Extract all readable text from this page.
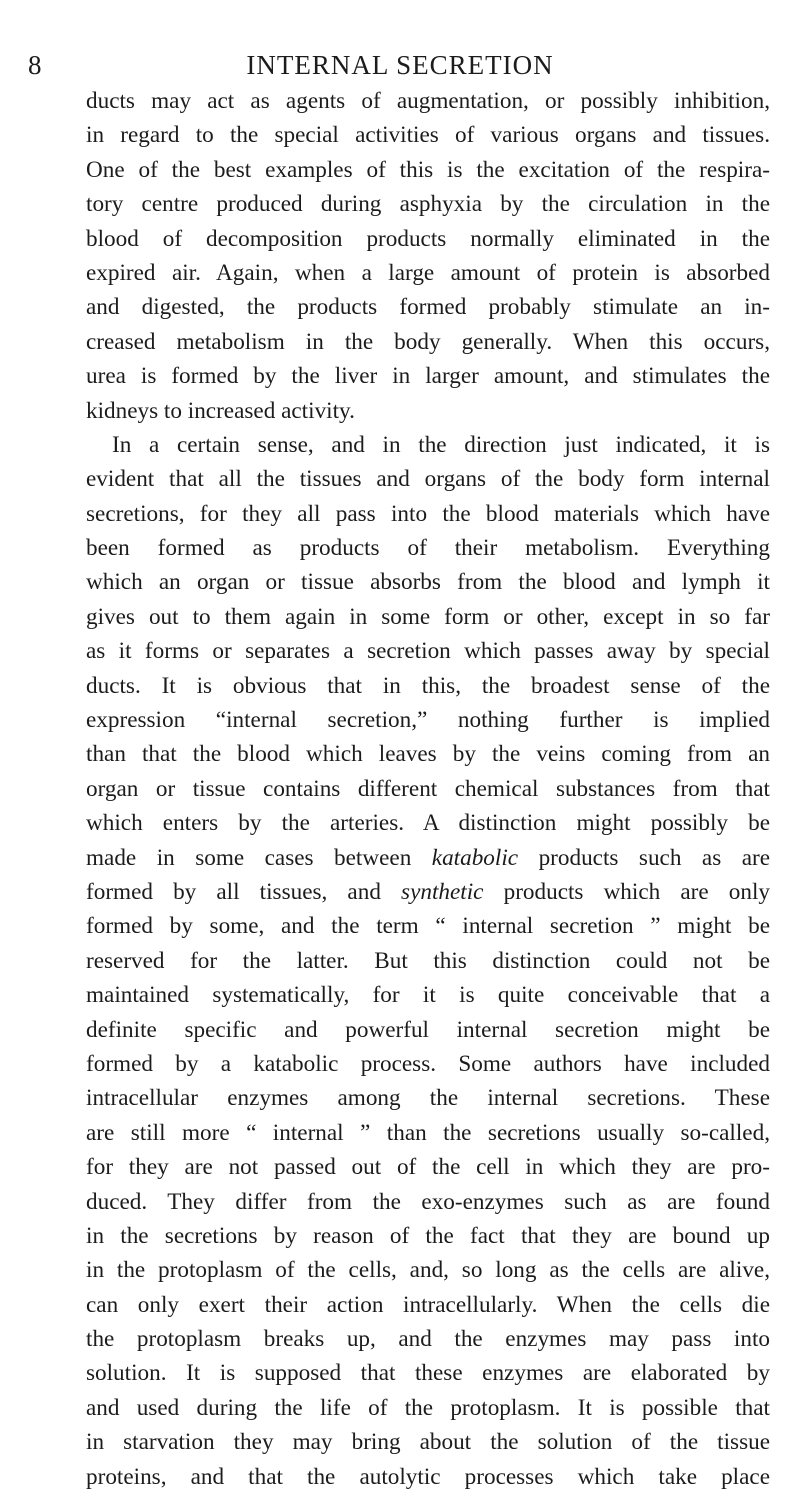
8	INTERNAL SECRETION
ducts may act as agents of augmentation, or possibly inhibition,
in regard to the special activities of various organs and tissues.
One of the best examples of this is the excitation of the respira-
tory centre produced during asphyxia by the circulation in the
blood of decomposition products normally eliminated in the
expired air. Again, when a large amount of protein is absorbed
and digested, the products formed probably stimulate an in-
creased metabolism in the body generally. When this occurs,
urea is formed by the liver in larger amount, and stimulates the
kidneys to increased activity.
In a certain sense, and in the direction just indicated, it is
evident that all the tissues and organs of the body form internal
secretions, for they all pass into the blood materials which have
been formed as products of their metabolism. Everything
which an organ or tissue absorbs from the blood and lymph it
gives out to them again in some form or other, except in so far
as it forms or separates a secretion which passes away by special
ducts. It is obvious that in this, the broadest sense of the
expression “internal secretion,” nothing further is implied
than that the blood which leaves by the veins coming from an
organ or tissue contains different chemical substances from that
which enters by the arteries. A distinction might possibly be
made in some cases between katabolic products such as are
formed by all tissues, and synthetic products which are only
formed by some, and the term “ internal secretion ” might be
reserved for the latter. But this distinction could not be
maintained systematically, for it is quite conceivable that a
definite specific and powerful internal secretion might be
formed by a katabolic process. Some authors have included
intracellular enzymes among the internal secretions. These
are still more “ internal ” than the secretions usually so-called,
for they are not passed out of the cell in which they are pro-
duced. They differ from the exo-enzymes such as are found
in the secretions by reason of the fact that they are bound up
in the protoplasm of the cells, and, so long as the cells are alive,
can only exert their action intracellularly. When the cells die
the protoplasm breaks up, and the enzymes may pass into
solution. It is supposed that these enzymes are elaborated by
and used during the life of the protoplasm. It is possible that
in starvation they may bring about the solution of the tissue
proteins, and that the autolytic processes which take place
